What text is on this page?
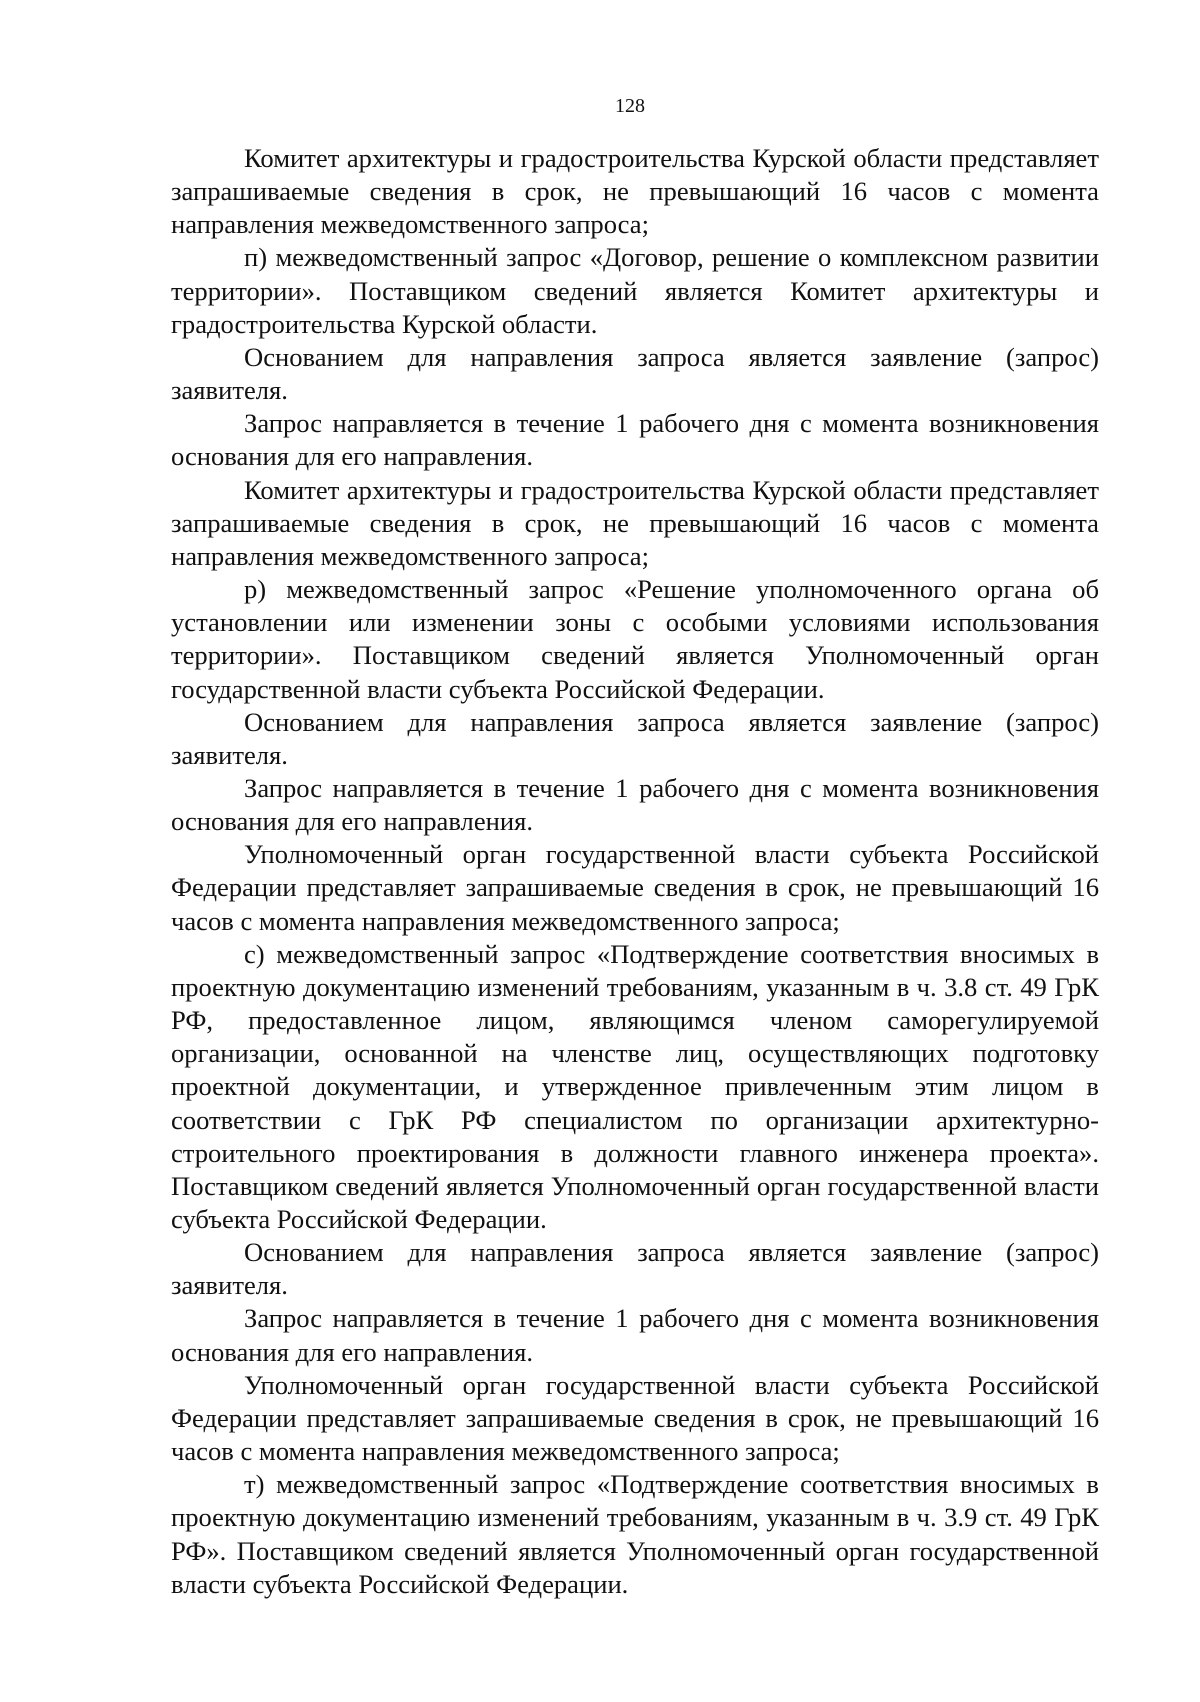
128

Комитет архитектуры и градостроительства Курской области представляет запрашиваемые сведения в срок, не превышающий 16 часов с момента направления межведомственного запроса;

п) межведомственный запрос «Договор, решение о комплексном развитии территории». Поставщиком сведений является Комитет архитектуры и градостроительства Курской области.

Основанием для направления запроса является заявление (запрос) заявителя.

Запрос направляется в течение 1 рабочего дня с момента возникновения основания для его направления.

Комитет архитектуры и градостроительства Курской области представляет запрашиваемые сведения в срок, не превышающий 16 часов с момента направления межведомственного запроса;

р) межведомственный запрос «Решение уполномоченного органа об установлении или изменении зоны с особыми условиями использования территории». Поставщиком сведений является Уполномоченный орган государственной власти субъекта Российской Федерации.

Основанием для направления запроса является заявление (запрос) заявителя.

Запрос направляется в течение 1 рабочего дня с момента возникновения основания для его направления.

Уполномоченный орган государственной власти субъекта Российской Федерации представляет запрашиваемые сведения в срок, не превышающий 16 часов с момента направления межведомственного запроса;

с) межведомственный запрос «Подтверждение соответствия вносимых в проектную документацию изменений требованиям, указанным в ч. 3.8 ст. 49 ГрК РФ, предоставленное лицом, являющимся членом саморегулируемой организации, основанной на членстве лиц, осуществляющих подготовку проектной документации, и утвержденное привлеченным этим лицом в соответствии с ГрК РФ специалистом по организации архитектурно-строительного проектирования в должности главного инженера проекта». Поставщиком сведений является Уполномоченный орган государственной власти субъекта Российской Федерации.

Основанием для направления запроса является заявление (запрос) заявителя.

Запрос направляется в течение 1 рабочего дня с момента возникновения основания для его направления.

Уполномоченный орган государственной власти субъекта Российской Федерации представляет запрашиваемые сведения в срок, не превышающий 16 часов с момента направления межведомственного запроса;

т) межведомственный запрос «Подтверждение соответствия вносимых в проектную документацию изменений требованиям, указанным в ч. 3.9 ст. 49 ГрК РФ». Поставщиком сведений является Уполномоченный орган государственной власти субъекта Российской Федерации.
